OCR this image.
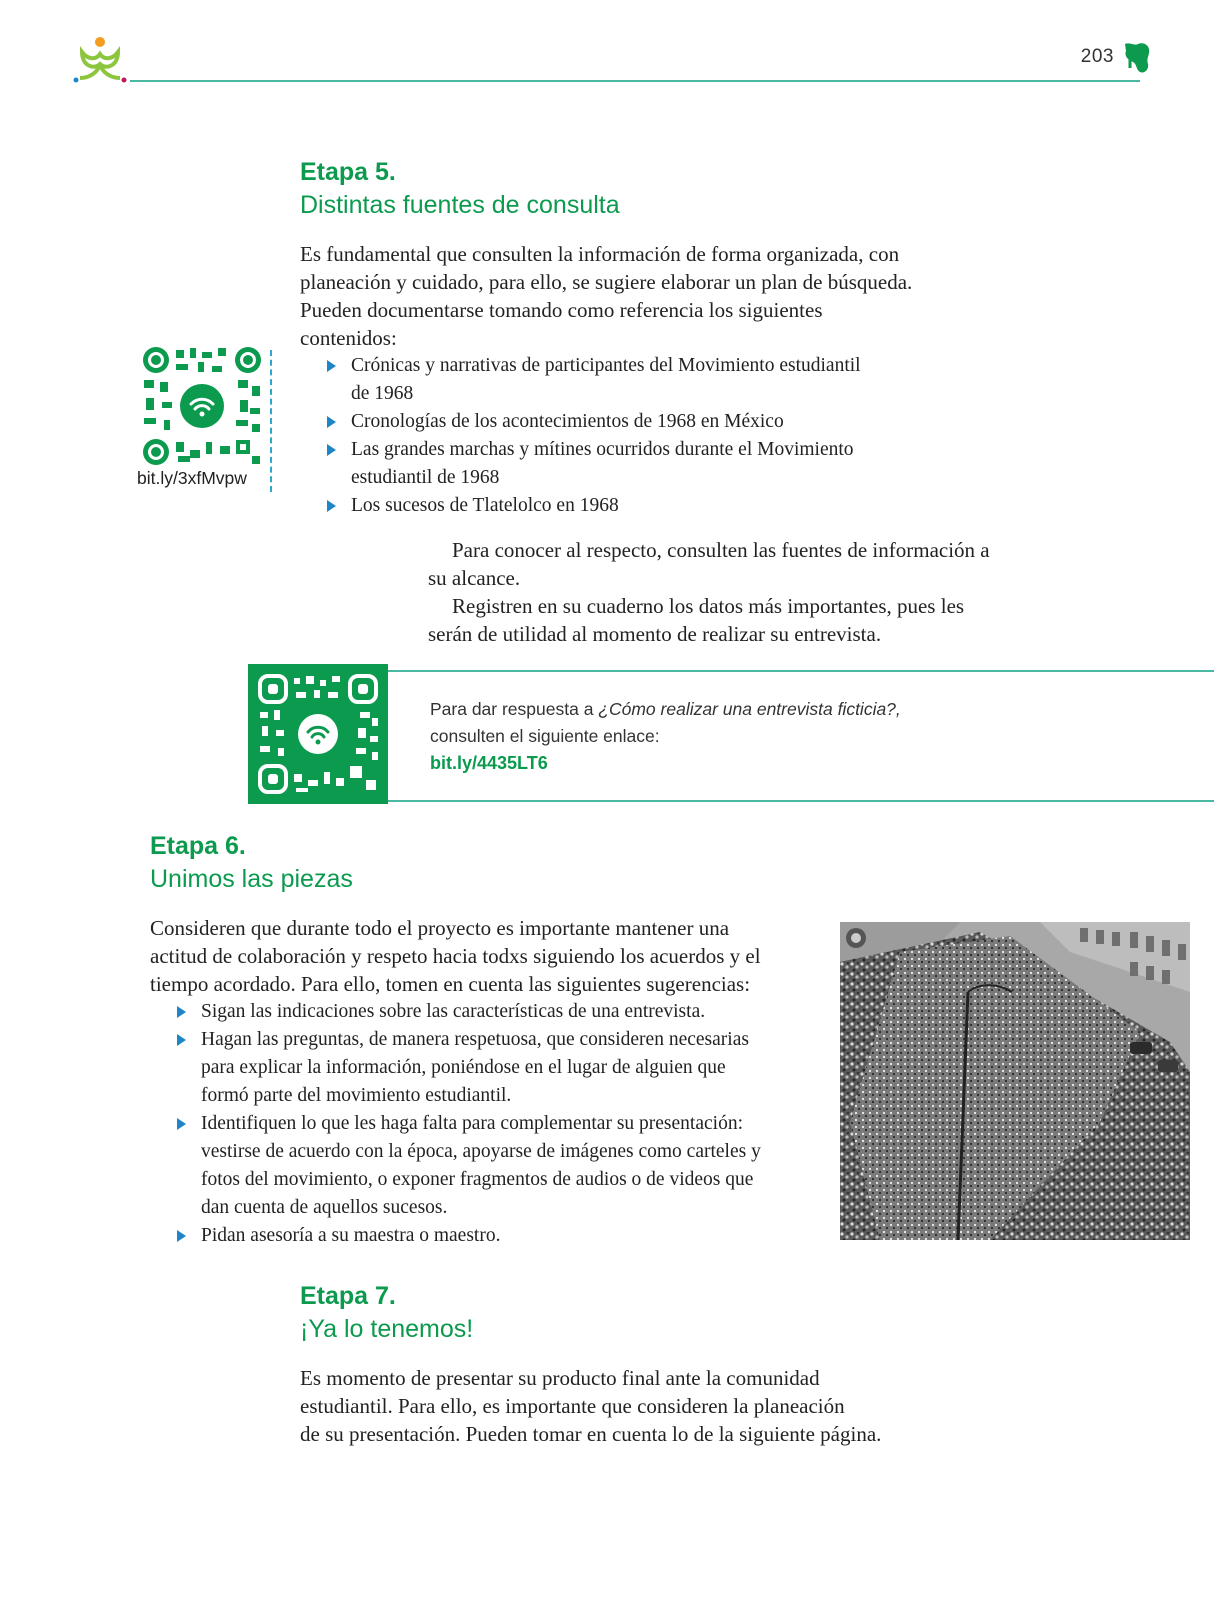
203
Etapa 5.

Distintas fuentes de consulta

Es fundamental que consulten la información de forma organizada, con

planeación y cuidado, para ello, se sugiere elaborar un plan de búsqueda.

Pueden documentarse tomando como referencia los siguientes

contenidos:

Crónicas y narrativas de participantes del Movimiento estudiantil
de 1968
Cronologías de los acontecimientos de 1968 en México
Las grandes marchas y mítines ocurridos durante el Movimiento
estudiantil de 1968
Los sucesos de Tlatelolco en 1968

Para conocer al respecto, consulten las fuentes de información a

su alcance.

Registren en su cuaderno los datos más importantes, pues les

serán de utilidad al momento de realizar su entrevista.

bit.ly/3xfMvpw
Para dar respuesta a ¿Cómo realizar una entrevista ficticia?,
consulten el siguiente enlace:
bit.ly/4435LT6
Etapa 6.

Unimos las piezas

Consideren que durante todo el proyecto es importante mantener una

actitud de colaboración y respeto hacia todxs siguiendo los acuerdos y el

tiempo acordado. Para ello, tomen en cuenta las siguientes sugerencias:

Sigan las indicaciones sobre las características de una entrevista.
Hagan las preguntas, de manera respetuosa, que consideren necesarias
para explicar la información, poniéndose en el lugar de alguien que
formó parte del movimiento estudiantil.
Identifiquen lo que les haga falta para complementar su presentación:
vestirse de acuerdo con la época, apoyarse de imágenes como carteles y
fotos del movimiento, o exponer fragmentos de audios o de videos que
dan cuenta de aquellos sucesos.
Pidan asesoría a su maestra o maestro.
Etapa 7.

¡Ya lo tenemos!

Es momento de presentar su producto final ante la comunidad

estudiantil. Para ello, es importante que consideren la planeación

de su presentación. Pueden tomar en cuenta lo de la siguiente página.
